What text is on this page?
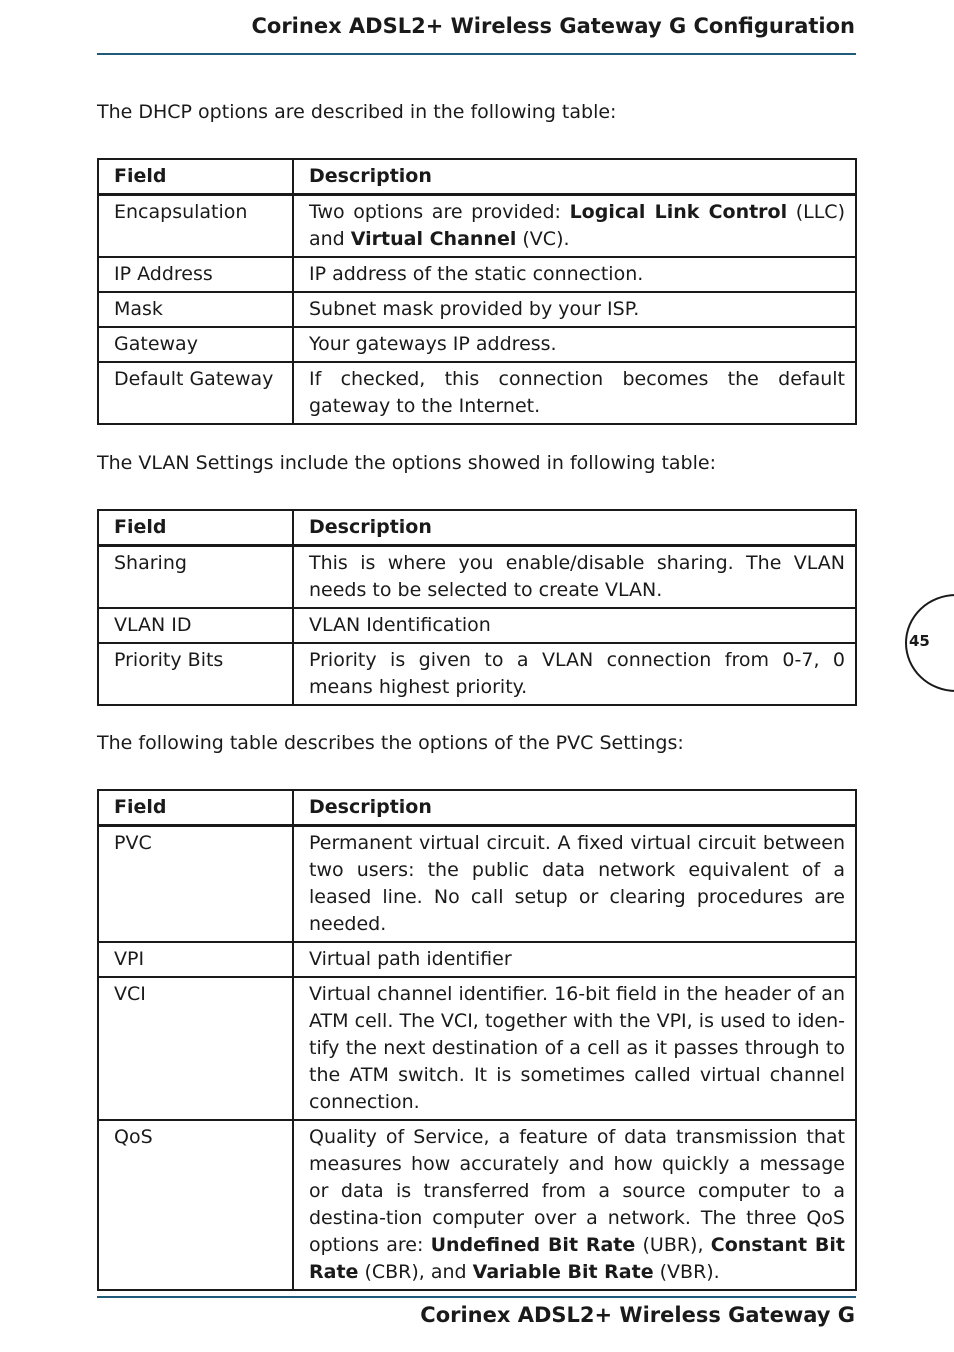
Corinex ADSL2+ Wireless Gateway G Configuration
The DHCP options are described in the following table:
Field	Description
Encapsulation	Two options are provided: Logical Link Control (LLC) and Virtual Channel (VC).
IP Address	IP address of the static connection.
Mask	Subnet mask provided by your ISP.
Gateway	Your gateways IP address.
Default Gateway	If checked, this connection becomes the default gateway to the Internet.
The VLAN Settings include the options showed in following table:
Field	Description
Sharing	This is where you enable/disable sharing. The VLAN needs to be selected to create VLAN.
VLAN ID	VLAN Identification
Priority Bits	Priority is given to a VLAN connection from 0-7, 0 means highest priority.
The following table describes the options of the PVC Settings:
Field	Description
PVC	Permanent virtual circuit. A fixed virtual circuit between two users: the public data network equivalent of a leased line. No call setup or clearing procedures are needed.
VPI	Virtual path identifier
VCI	Virtual channel identifier. 16-bit field in the header of an ATM cell. The VCI, together with the VPI, is used to iden-tify the next destination of a cell as it passes through to the ATM switch. It is sometimes called virtual channel connection.
QoS	Quality of Service, a feature of data transmission that measures how accurately and how quickly a message or data is transferred from a source computer to a destina-tion computer over a network. The three QoS options are: Undefined Bit Rate (UBR), Constant Bit Rate (CBR), and Variable Bit Rate (VBR).
45
Corinex ADSL2+ Wireless Gateway G
